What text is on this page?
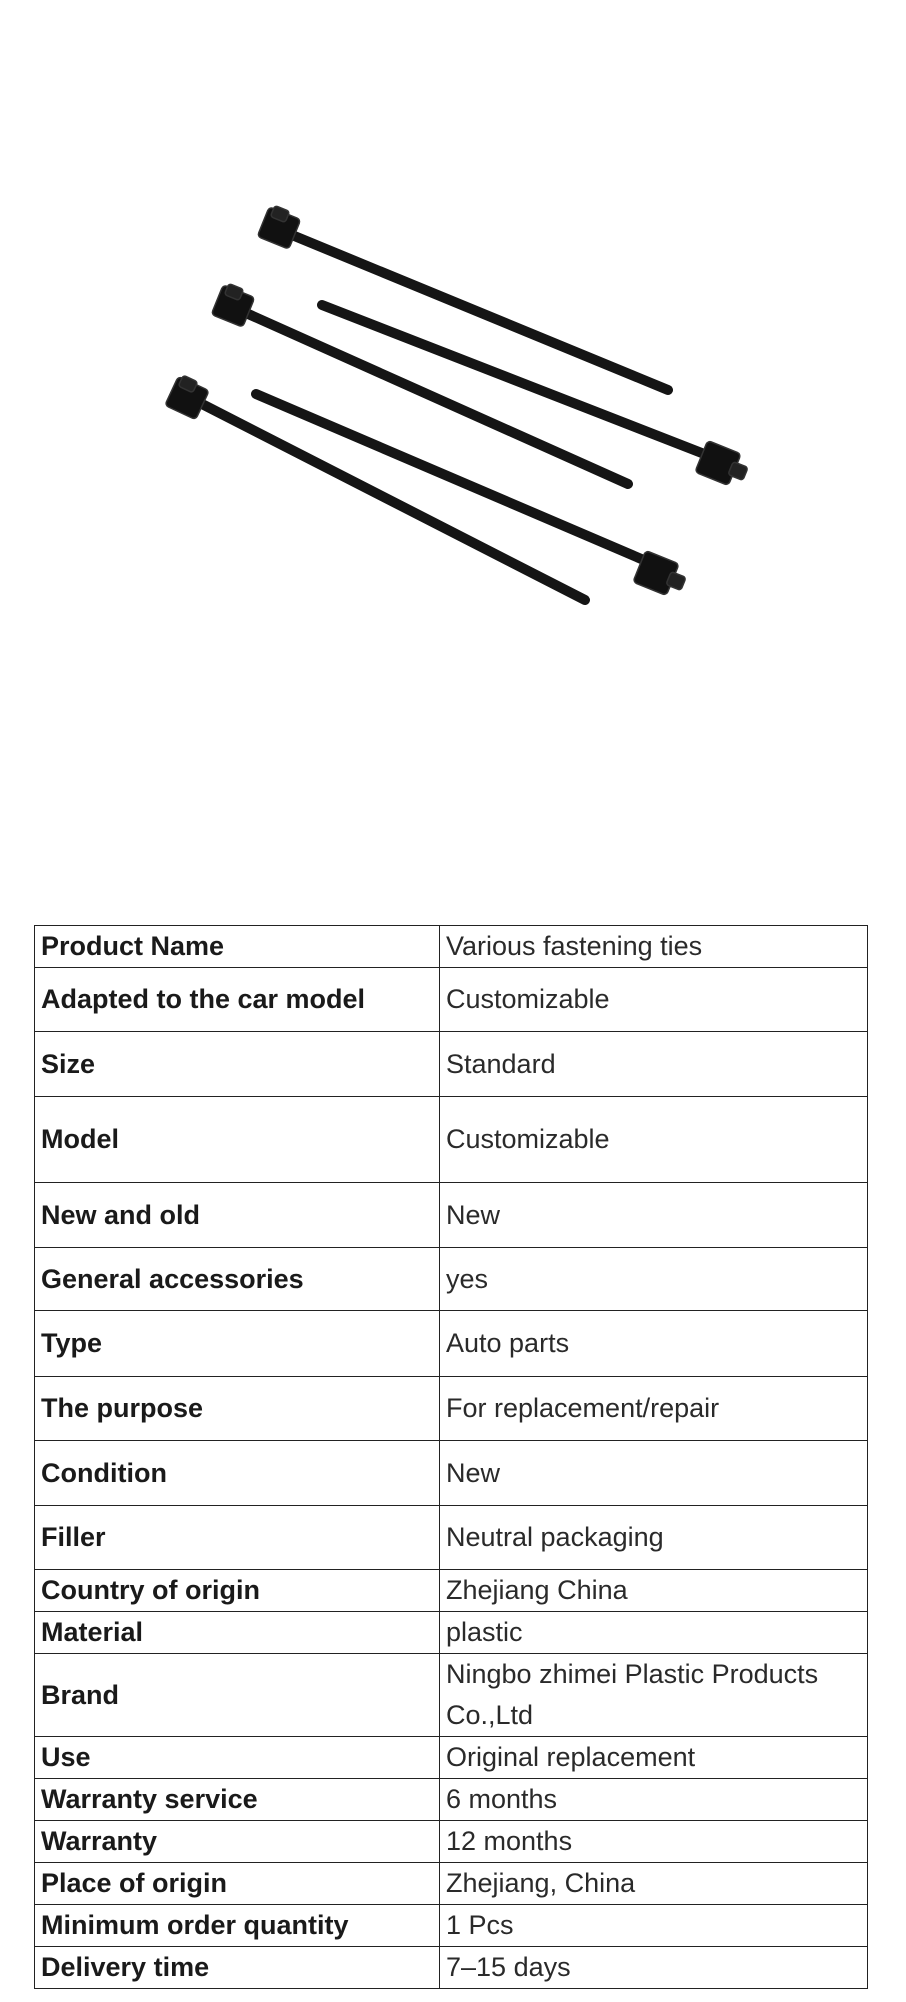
Product Name	Various fastening ties
Adapted to the car model	Customizable
Size	Standard
Model	Customizable
New and old	New
General accessories	yes
Type	Auto parts
The purpose	For replacement/repair
Condition	New
Filler	Neutral packaging
Country of origin	Zhejiang China
Material	plastic
Brand	Ningbo zhimei Plastic Products Co.,Ltd
Use	Original replacement
Warranty service	6 months
Warranty	12 months
Place of origin	Zhejiang, China
Minimum order quantity	1 Pcs
Delivery time	7–15 days
